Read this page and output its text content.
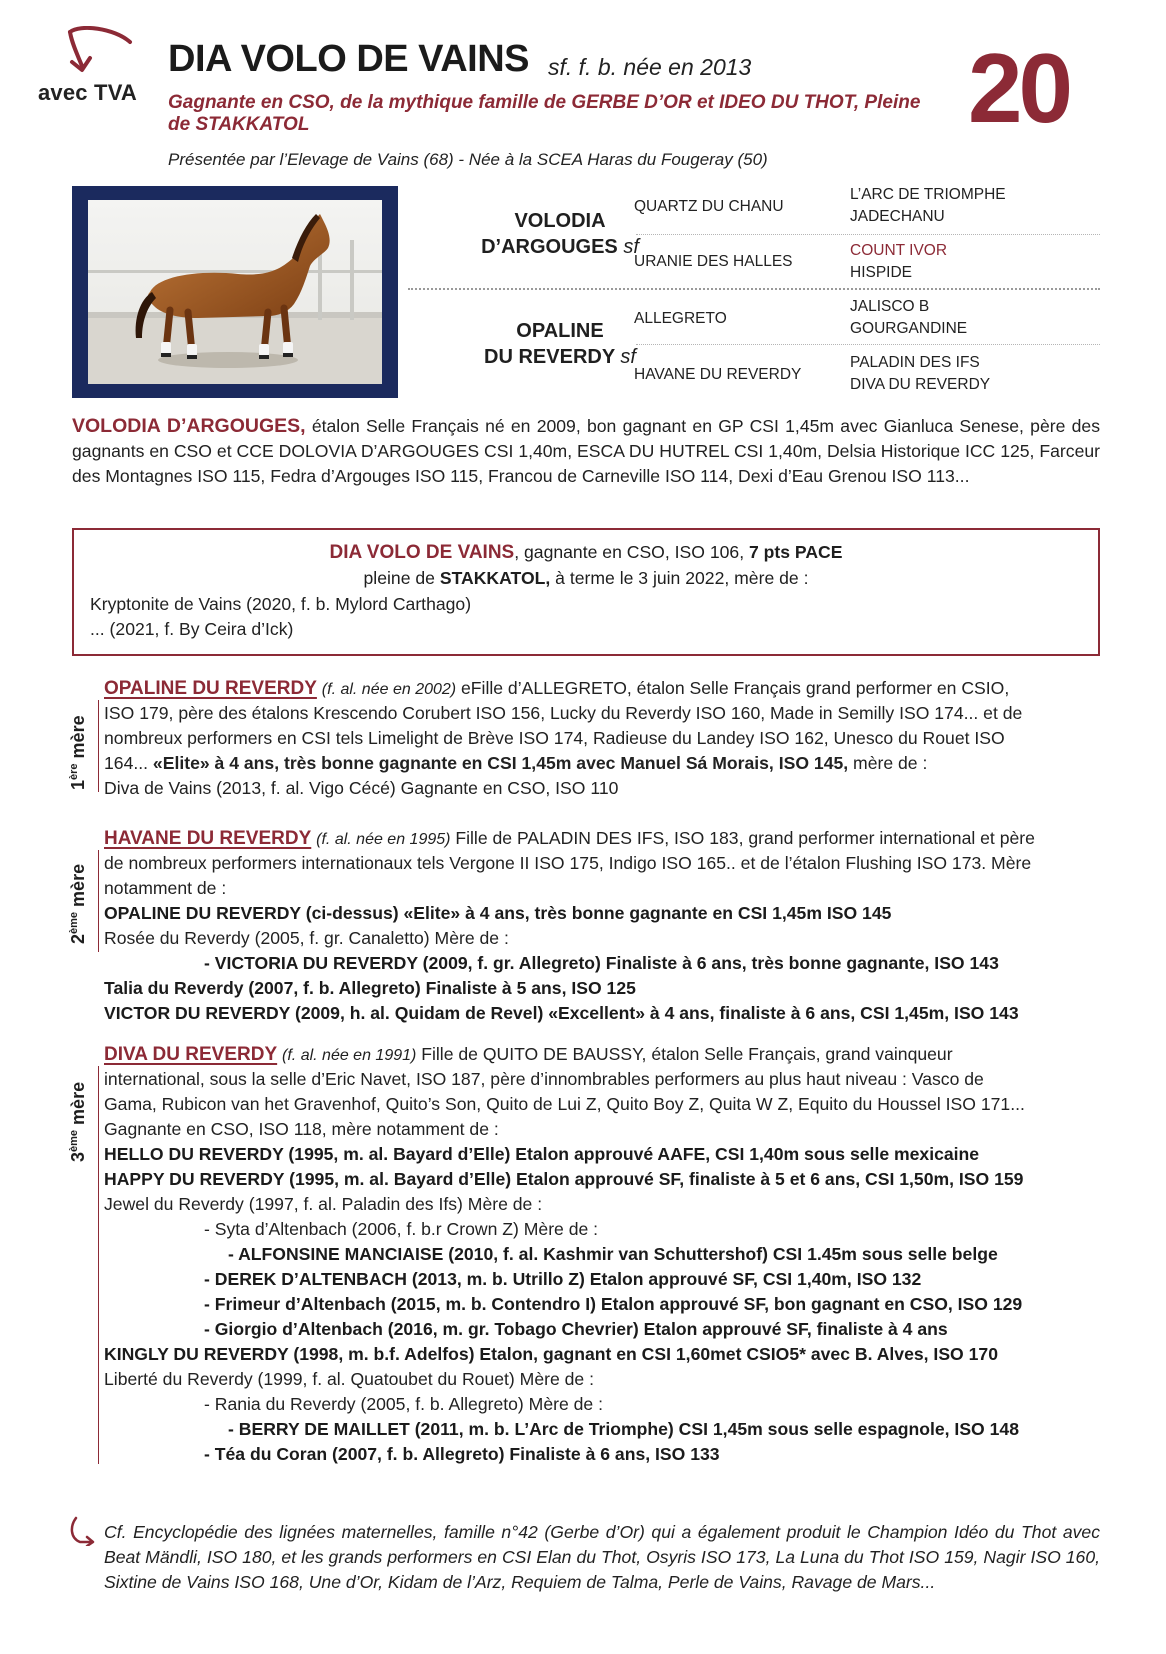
avec TVA
DIA VOLO DE VAINS sf. f. b. née en 2013
Gagnante en CSO, de la mythique famille de GERBE D’OR et IDEO DU THOT, Pleine de STAKKATOL	20
Présentée par l’Elevage de Vains (68) - Née à la SCEA Haras du Fougeray (50)
VOLODIA
D’ARGOUGES sf
OPALINE
DU REVERDY sf
QUARTZ DU CHANU
URANIE DES HALLES
ALLEGRETO
HAVANE DU REVERDY
L’ARC DE TRIOMPHE
JADECHANU
COUNT IVOR
HISPIDE
JALISCO B
GOURGANDINE
PALADIN DES IFS
DIVA DU REVERDY
VOLODIA D’ARGOUGES, étalon Selle Français né en 2009, bon gagnant en GP CSI 1,45m avec Gianluca Senese, père des gagnants en CSO et CCE DOLOVIA D’ARGOUGES CSI 1,40m, ESCA DU HUTREL CSI 1,40m, Delsia Historique ICC 125, Farceur des Montagnes ISO 115, Fedra d’Argouges ISO 115, Francou de Carneville ISO 114, Dexi d’Eau Grenou ISO 113...
DIA VOLO DE VAINS, gagnante en CSO, ISO 106, 7 pts PACE
pleine de STAKKATOL, à terme le 3 juin 2022, mère de :
Kryptonite de Vains (2020, f. b. Mylord Carthago)
... (2021, f. By Ceira d’Ick)
1ère mère
OPALINE DU REVERDY (f. al. née en 2002) eFille d’ALLEGRETO, étalon Selle Français grand performer en CSIO,
ISO 179, père des étalons Krescendo Corubert ISO 156, Lucky du Reverdy ISO 160, Made in Semilly ISO 174... et de
nombreux performers en CSI tels Limelight de Brève ISO 174, Radieuse du Landey ISO 162, Unesco du Rouet ISO
164... «Elite» à 4 ans, très bonne gagnante en CSI 1,45m avec Manuel Sá Morais, ISO 145, mère de :
Diva de Vains (2013, f. al. Vigo Cécé) Gagnante en CSO, ISO 110
2ème mère
HAVANE DU REVERDY (f. al. née en 1995) Fille de PALADIN DES IFS, ISO 183, grand performer international et père
de nombreux performers internationaux tels Vergone II ISO 175, Indigo ISO 165.. et de l’étalon Flushing ISO 173. Mère
notamment de :
OPALINE DU REVERDY (ci-dessus) «Elite» à 4 ans, très bonne gagnante en CSI 1,45m ISO 145
Rosée du Reverdy (2005, f. gr. Canaletto) Mère de :
- VICTORIA DU REVERDY (2009, f. gr. Allegreto) Finaliste à 6 ans, très bonne gagnante, ISO 143
Talia du Reverdy (2007, f. b. Allegreto) Finaliste à 5 ans, ISO 125
VICTOR DU REVERDY (2009, h. al. Quidam de Revel) «Excellent» à 4 ans, finaliste à 6 ans, CSI 1,45m, ISO 143
3ème mère
DIVA DU REVERDY (f. al. née en 1991) Fille de QUITO DE BAUSSY, étalon Selle Français, grand vainqueur
international, sous la selle d’Eric Navet, ISO 187, père d’innombrables performers au plus haut niveau : Vasco de
Gama, Rubicon van het Gravenhof, Quito’s Son, Quito de Lui Z, Quito Boy Z, Quita W Z, Equito du Houssel ISO 171...
Gagnante en CSO, ISO 118, mère notamment de :
HELLO DU REVERDY (1995, m. al. Bayard d’Elle) Etalon approuvé AAFE, CSI 1,40m sous selle mexicaine
HAPPY DU REVERDY (1995, m. al. Bayard d’Elle) Etalon approuvé SF, finaliste à 5 et 6 ans, CSI 1,50m, ISO 159
Jewel du Reverdy (1997, f. al. Paladin des Ifs) Mère de :
- Syta d’Altenbach (2006, f. b.r Crown Z) Mère de :
- ALFONSINE MANCIAISE (2010, f. al. Kashmir van Schuttershof) CSI 1.45m sous selle belge
- DEREK D’ALTENBACH (2013, m. b. Utrillo Z) Etalon approuvé SF, CSI 1,40m, ISO 132
- Frimeur d’Altenbach (2015, m. b. Contendro I) Etalon approuvé SF, bon gagnant en CSO, ISO 129
- Giorgio d’Altenbach (2016, m. gr. Tobago Chevrier) Etalon approuvé SF, finaliste à 4 ans
KINGLY DU REVERDY (1998, m. b.f. Adelfos) Etalon, gagnant en CSI 1,60met CSIO5* avec B. Alves, ISO 170
Liberté du Reverdy (1999, f. al. Quatoubet du Rouet) Mère de :
- Rania du Reverdy (2005, f. b. Allegreto) Mère de :
- BERRY DE MAILLET (2011, m. b. L’Arc de Triomphe) CSI 1,45m sous selle espagnole, ISO 148
- Téa du Coran (2007, f. b. Allegreto) Finaliste à 6 ans, ISO 133
Cf. Encyclopédie des lignées maternelles, famille n°42 (Gerbe d’Or) qui a également produit le Champion Idéo du Thot avec Beat Mändli, ISO 180, et les grands performers en CSI Elan du Thot, Osyris ISO 173, La Luna du Thot ISO 159, Nagir ISO 160, Sixtine de Vains ISO 168, Une d’Or, Kidam de l’Arz, Requiem de Talma, Perle de Vains, Ravage de Mars...
